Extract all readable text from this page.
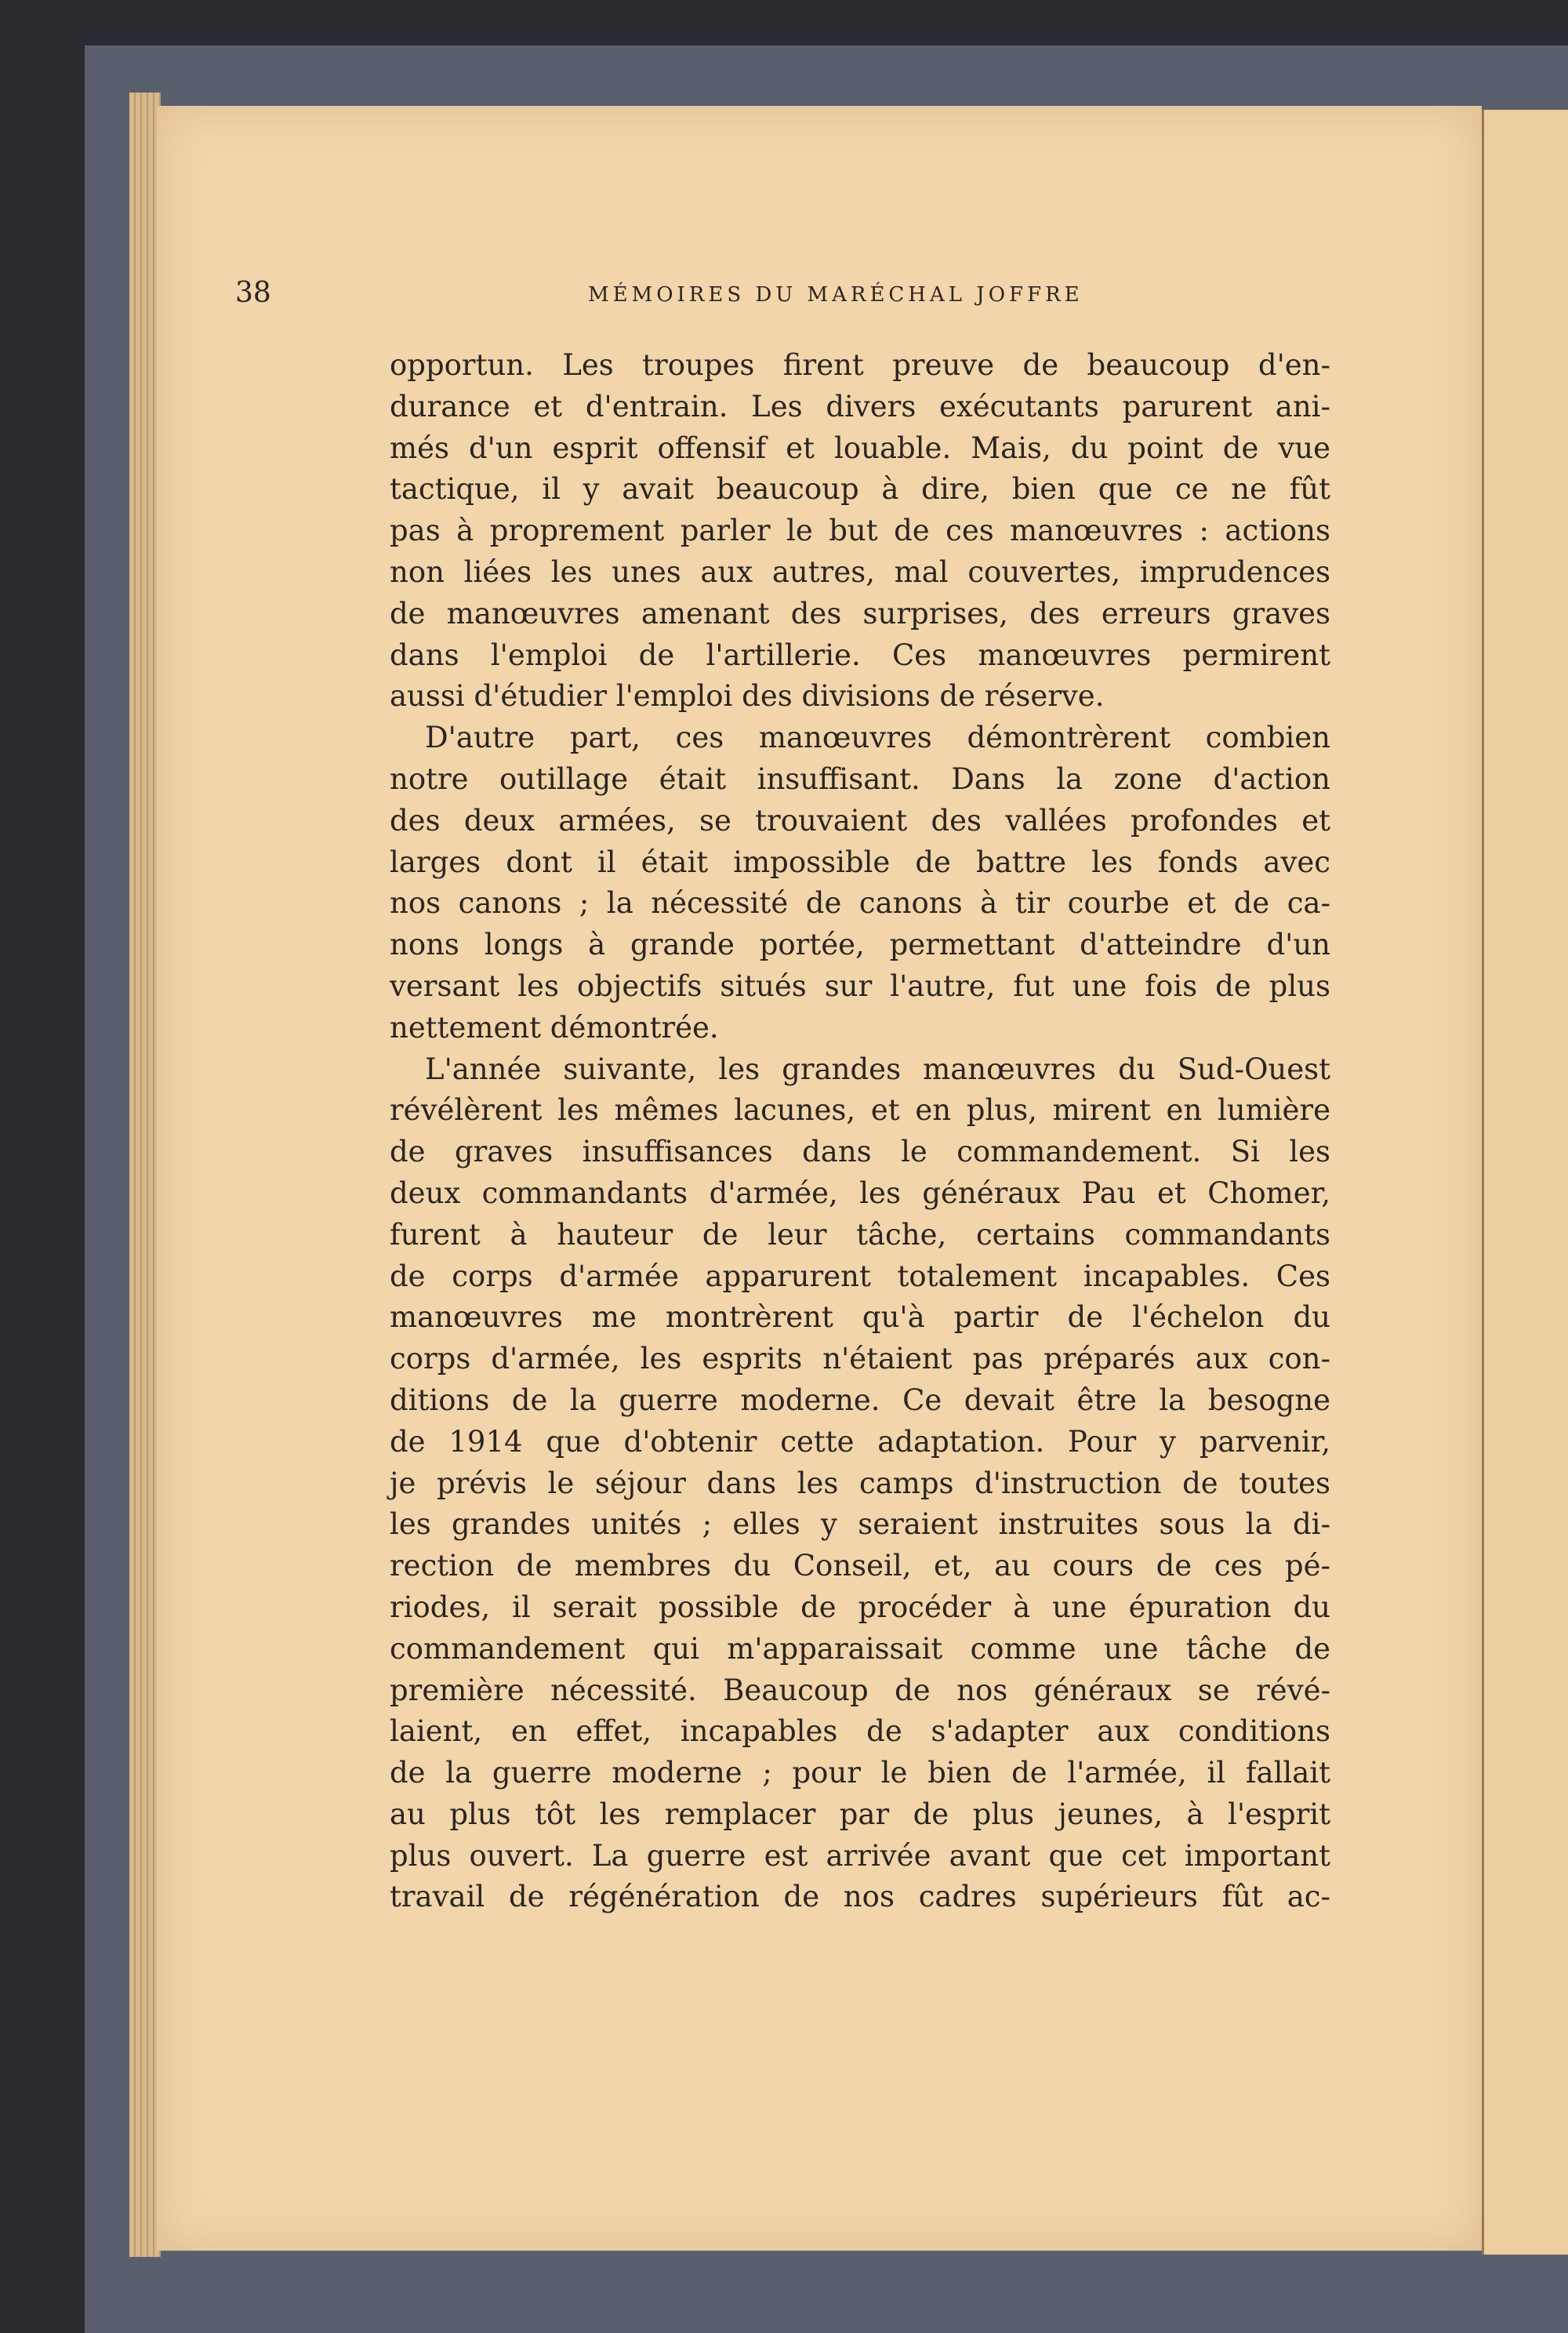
38	MÉMOIRES DU MARÉCHAL JOFFRE
opportun. Les troupes firent preuve de beaucoup d'en-
durance et d'entrain. Les divers exécutants parurent ani-
més d'un esprit offensif et louable. Mais, du point de vue
tactique, il y avait beaucoup à dire, bien que ce ne fût
pas à proprement parler le but de ces manœuvres : actions
non liées les unes aux autres, mal couvertes, imprudences
de manœuvres amenant des surprises, des erreurs graves
dans l'emploi de l'artillerie. Ces manœuvres permirent
aussi d'étudier l'emploi des divisions de réserve.
D'autre part, ces manœuvres démontrèrent combien
notre outillage était insuffisant. Dans la zone d'action
des deux armées, se trouvaient des vallées profondes et
larges dont il était impossible de battre les fonds avec
nos canons ; la nécessité de canons à tir courbe et de ca-
nons longs à grande portée, permettant d'atteindre d'un
versant les objectifs situés sur l'autre, fut une fois de plus
nettement démontrée.
L'année suivante, les grandes manœuvres du Sud-Ouest
révélèrent les mêmes lacunes, et en plus, mirent en lumière
de graves insuffisances dans le commandement. Si les
deux commandants d'armée, les généraux Pau et Chomer,
furent à hauteur de leur tâche, certains commandants
de corps d'armée apparurent totalement incapables. Ces
manœuvres me montrèrent qu'à partir de l'échelon du
corps d'armée, les esprits n'étaient pas préparés aux con-
ditions de la guerre moderne. Ce devait être la besogne
de 1914 que d'obtenir cette adaptation. Pour y parvenir,
je prévis le séjour dans les camps d'instruction de toutes
les grandes unités ; elles y seraient instruites sous la di-
rection de membres du Conseil, et, au cours de ces pé-
riodes, il serait possible de procéder à une épuration du
commandement qui m'apparaissait comme une tâche de
première nécessité. Beaucoup de nos généraux se révé-
laient, en effet, incapables de s'adapter aux conditions
de la guerre moderne ; pour le bien de l'armée, il fallait
au plus tôt les remplacer par de plus jeunes, à l'esprit
plus ouvert. La guerre est arrivée avant que cet important
travail de régénération de nos cadres supérieurs fût ac-
